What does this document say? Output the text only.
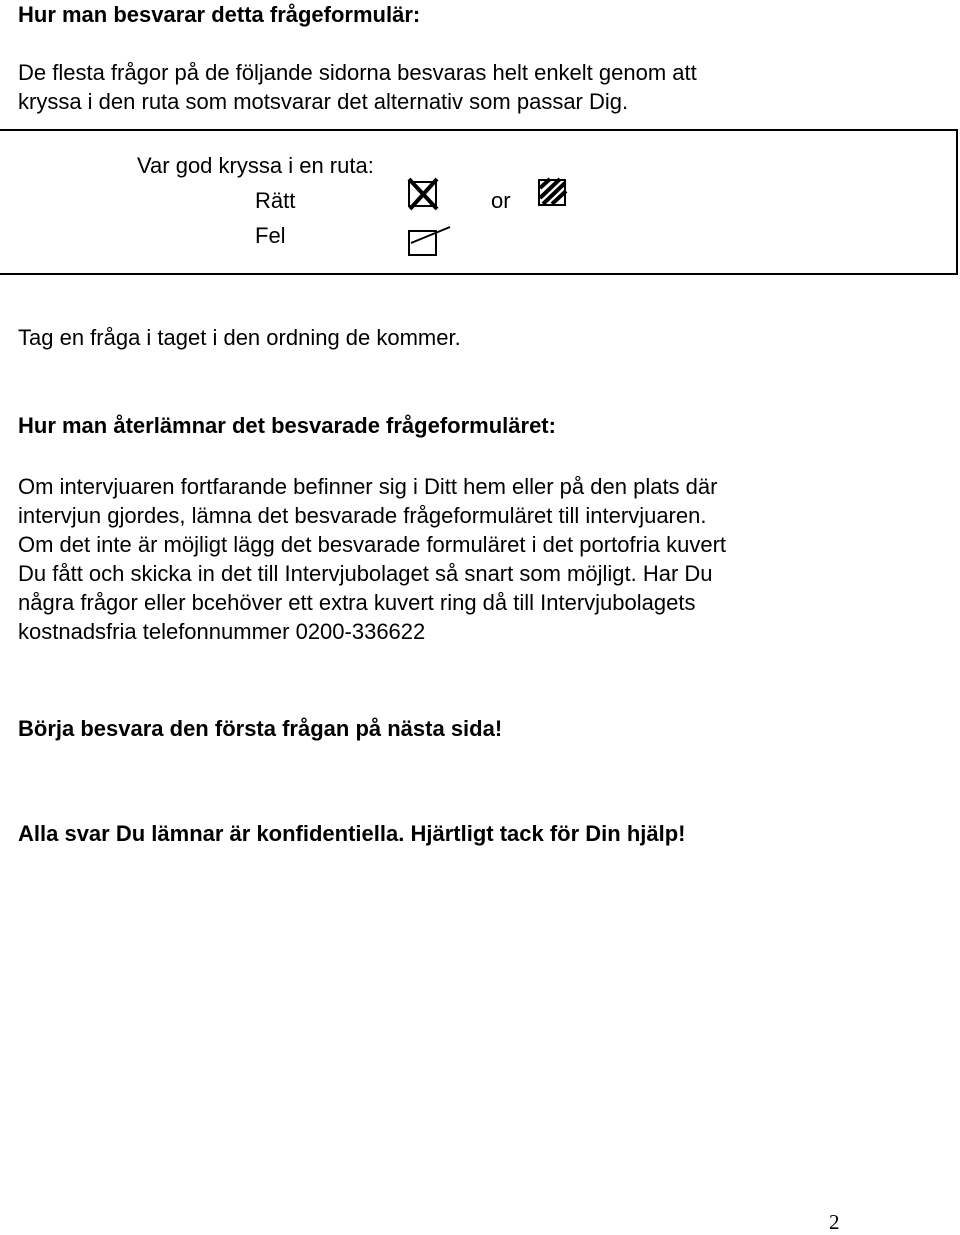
Hur man besvarar detta frågeformulär:
De flesta frågor på de följande sidorna besvaras helt enkelt genom att
kryssa i den ruta som motsvarar det alternativ som passar Dig.
Var god kryssa i en ruta:
Rätt	or
Fel
Tag en fråga i taget i den ordning de kommer.
Hur man återlämnar det besvarade frågeformuläret:
Om intervjuaren fortfarande befinner sig i Ditt hem eller på den plats där
intervjun gjordes, lämna det besvarade frågeformuläret till intervjuaren.
Om det inte är möjligt lägg det besvarade formuläret i det portofria kuvert
Du fått och skicka in det till Intervjubolaget så snart som möjligt. Har Du
några frågor eller bcehöver ett extra kuvert ring då till Intervjubolagets
kostnadsfria telefonnummer 0200-336622
Börja besvara den första frågan på nästa sida!
Alla svar Du lämnar är konfidentiella. Hjärtligt tack för Din hjälp!
2
